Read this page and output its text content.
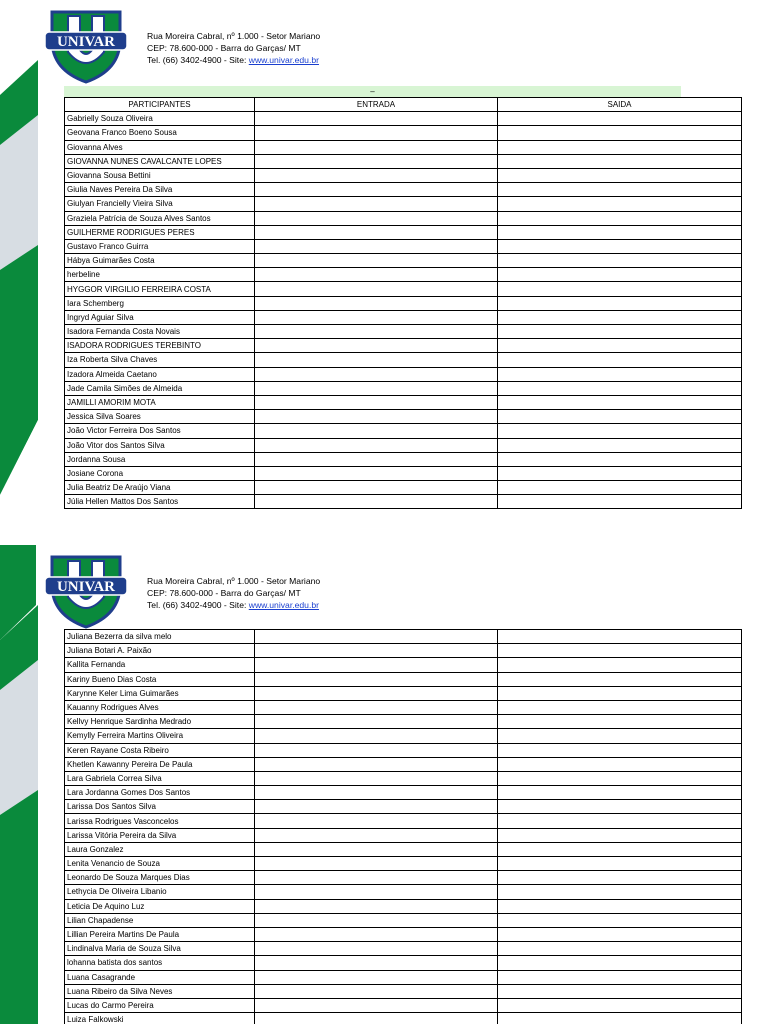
UNIVAR	Rua Moreira Cabral, nº 1.000 - Setor Mariano
CEP: 78.600-000 - Barra do Garças/ MT
Tel. (66) 3402-4900 - Site: www.univar.edu.br
–
PARTICIPANTES	ENTRADA	SAIDA
Gabrielly Souza Oliveira		
Geovana Franco Boeno Sousa		
Giovanna Alves		
GIOVANNA NUNES CAVALCANTE LOPES		
Giovanna Sousa Bettini		
Giulia Naves Pereira Da Silva		
Giulyan Francielly Vieira Silva		
Graziela Patrícia de Souza Alves Santos		
GUILHERME RODRIGUES PERES		
Gustavo Franco Guirra		
Hábya Guimarães Costa		
herbeline		
HYGGOR VIRGILIO FERREIRA COSTA		
Iara Schemberg		
Ingryd Aguiar Silva		
Isadora Fernanda Costa Novais		
ISADORA RODRIGUES TEREBINTO		
Iza Roberta Silva Chaves		
Izadora Almeida Caetano		
Jade Camila Simões de Almeida		
JAMILLI AMORIM MOTA		
Jessica Silva Soares		
João Victor Ferreira Dos Santos		
João Vitor dos Santos Silva		
Jordanna Sousa		
Josiane Corona		
Julia Beatriz De Araújo Viana		
Júlia Hellen Mattos Dos Santos		
UNIVAR	Rua Moreira Cabral, nº 1.000 - Setor Mariano
CEP: 78.600-000 - Barra do Garças/ MT
Tel. (66) 3402-4900 - Site: www.univar.edu.br
Juliana Bezerra da silva melo		
Juliana Botari A. Paixão		
Kallita Fernanda		
Kariny Bueno Dias Costa		
Karynne Keler Lima Guimarães		
Kauanny Rodrigues Alves		
Kellvy Henrique Sardinha Medrado		
Kemylly Ferreira Martins Oliveira		
Keren Rayane Costa Ribeiro		
Khetlen Kawanny Pereira De Paula		
Lara Gabriela Correa Silva		
Lara Jordanna Gomes Dos Santos		
Larissa Dos Santos Silva		
Larissa Rodrigues Vasconcelos		
Larissa Vitória Pereira da Silva		
Laura Gonzalez		
Lenita Venancio de Souza		
Leonardo De Souza Marques Dias		
Lethycia De Oliveira Libanio		
Leticia De Aquino Luz		
Lilian Chapadense		
Lillian Pereira Martins De Paula		
Lindinalva Maria de Souza Silva		
lohanna batista dos santos		
Luana Casagrande		
Luana Ribeiro da Silva Neves		
Lucas do Carmo Pereira		
Luiza Falkowski		
